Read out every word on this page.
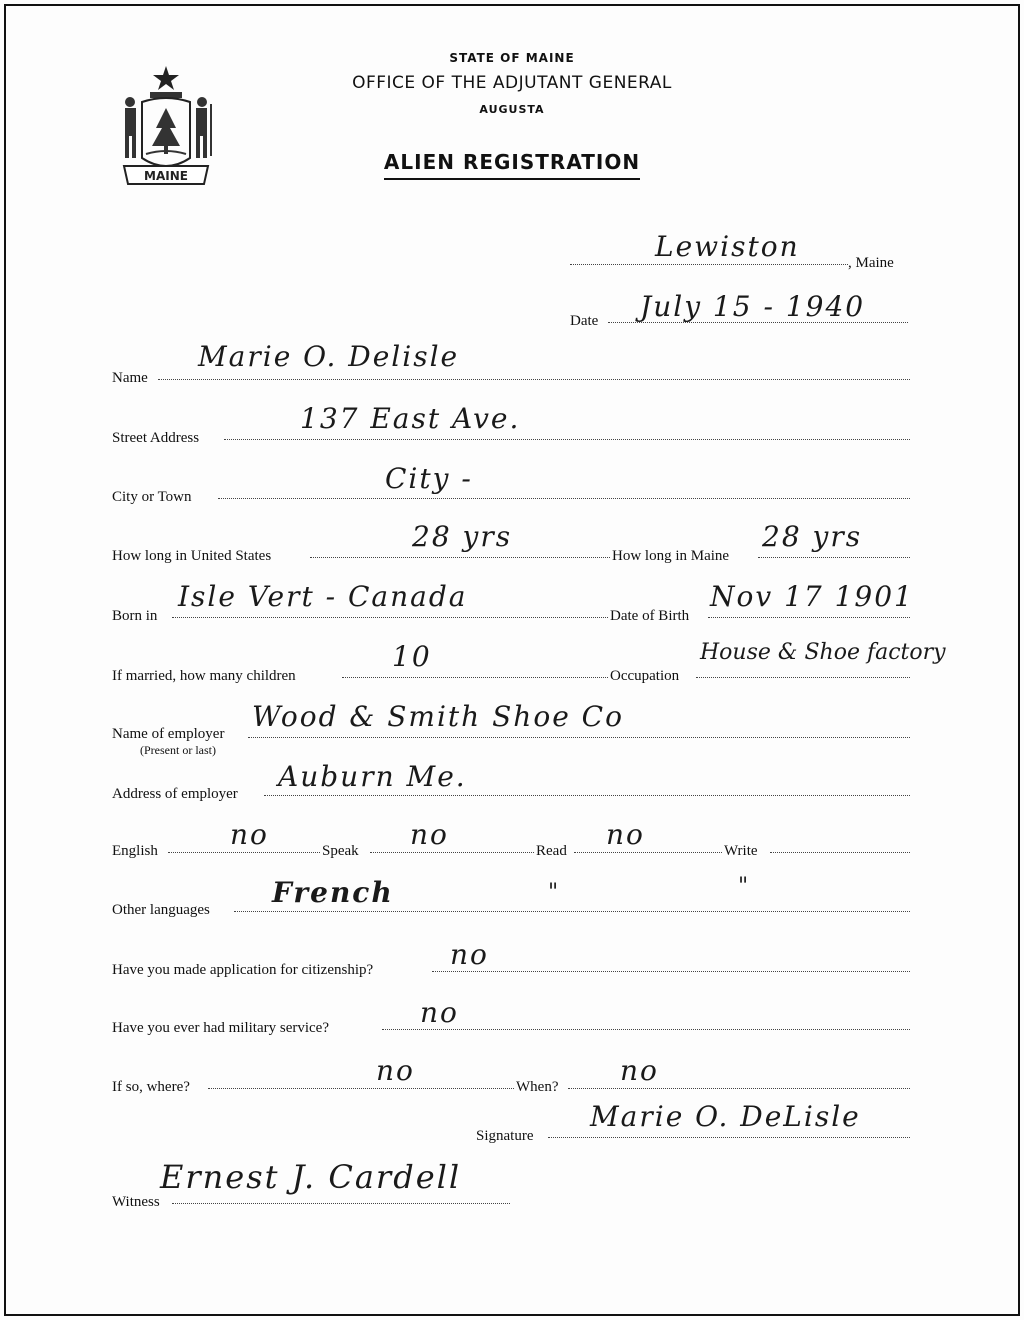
MAINE
STATE OF MAINE
OFFICE OF THE ADJUTANT GENERAL
AUGUSTA
ALIEN REGISTRATION
Lewiston	, Maine
Date July 15 - 1940
Name
Marie O. Delisle
Street Address
137 East Ave.
City or Town
City -
How long in United States
28 yrs
How long in Maine
28 yrs
Born in
Isle Vert - Canada
Date of Birth
Nov 17 1901
If married, how many children
10
Occupation
House & Shoe factory
Name of employer
(Present or last)
Wood & Smith Shoe Co
Address of employer
Auburn Me.
English	no	Speak no	Read no	Write
Other languages
French	"	"
Have you made application for citizenship?	no
Have you ever had military service?	no
If so, where?	no	When? no
Signature
Marie O. DeLisle
Witness
Ernest J. Cardell
